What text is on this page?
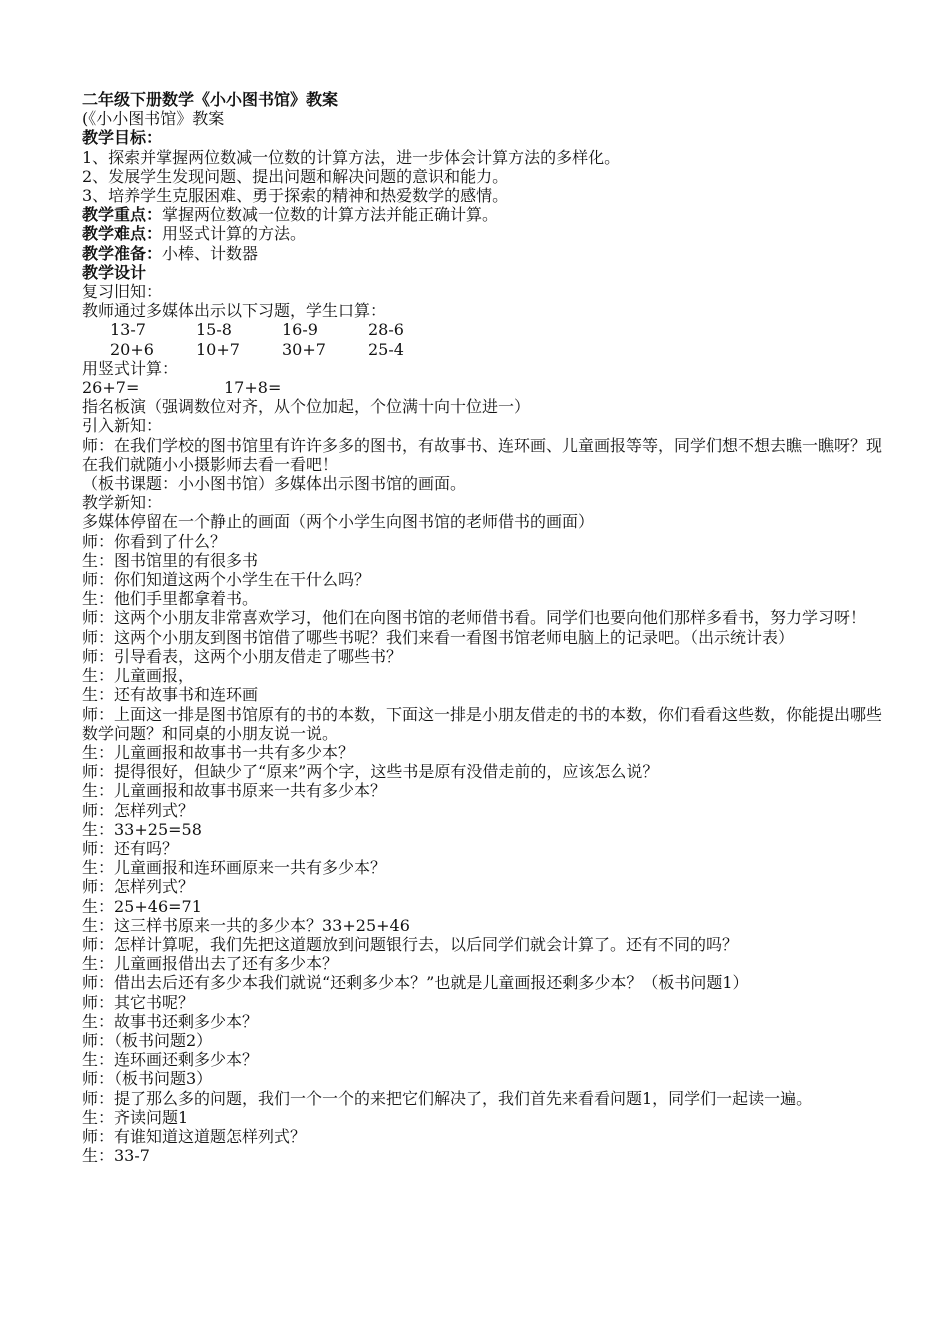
二年级下册数学《小小图书馆》教案

(《小小图书馆》教案

教学目标：

1、探索并掌握两位数减一位数的计算方法，进一步体会计算方法的多样化。

2、发展学生发现问题、提出问题和解决问题的意识和能力。

3、培养学生克服困难、勇于探索的精神和热爱数学的感情。

教学重点：掌握两位数减一位数的计算方法并能正确计算。

教学难点：用竖式计算的方法。

教学准备：小棒、计数器

教学设计

复习旧知：

教师通过多媒体出示以下习题，学生口算：

13-7	15-8	16-9	28-6

20+6	10+7	30+7	25-4

用竖式计算：

26+7=	17+8=

指名板演（强调数位对齐，从个位加起，个位满十向十位进一）

引入新知：

师：在我们学校的图书馆里有许许多多的图书，有故事书、连环画、儿童画报等等，同学们想不想去瞧一瞧呀？现在我们就随小小摄影师去看一看吧！

（板书课题：小小图书馆）多媒体出示图书馆的画面。

教学新知：

多媒体停留在一个静止的画面（两个小学生向图书馆的老师借书的画面）

师：你看到了什么？

生：图书馆里的有很多书

师：你们知道这两个小学生在干什么吗？

生：他们手里都拿着书。

师：这两个小朋友非常喜欢学习，他们在向图书馆的老师借书看。同学们也要向他们那样多看书，努力学习呀！

师：这两个小朋友到图书馆借了哪些书呢？我们来看一看图书馆老师电脑上的记录吧。（出示统计表）

师：引导看表，这两个小朋友借走了哪些书？

生：儿童画报，

生：还有故事书和连环画

师：上面这一排是图书馆原有的书的本数，下面这一排是小朋友借走的书的本数，你们看看这些数，你能提出哪些数学问题？和同桌的小朋友说一说。

生：儿童画报和故事书一共有多少本？

师：提得很好，但缺少了“原来”两个字，这些书是原有没借走前的，应该怎么说？

生：儿童画报和故事书原来一共有多少本？

师：怎样列式？

生：33+25=58

师：还有吗？

生：儿童画报和连环画原来一共有多少本？

师：怎样列式？

生：25+46=71

生：这三样书原来一共的多少本？33+25+46

师：怎样计算呢，我们先把这道题放到问题银行去，以后同学们就会计算了。还有不同的吗？

生：儿童画报借出去了还有多少本？

师：借出去后还有多少本我们就说“还剩多少本？”也就是儿童画报还剩多少本？（板书问题1）

师：其它书呢？

生：故事书还剩多少本？

师：（板书问题2）

生：连环画还剩多少本？

师：（板书问题3）

师：提了那么多的问题，我们一个一个的来把它们解决了，我们首先来看看问题1，同学们一起读一遍。

生：齐读问题1

师：有谁知道这道题怎样列式？

生：33-7
